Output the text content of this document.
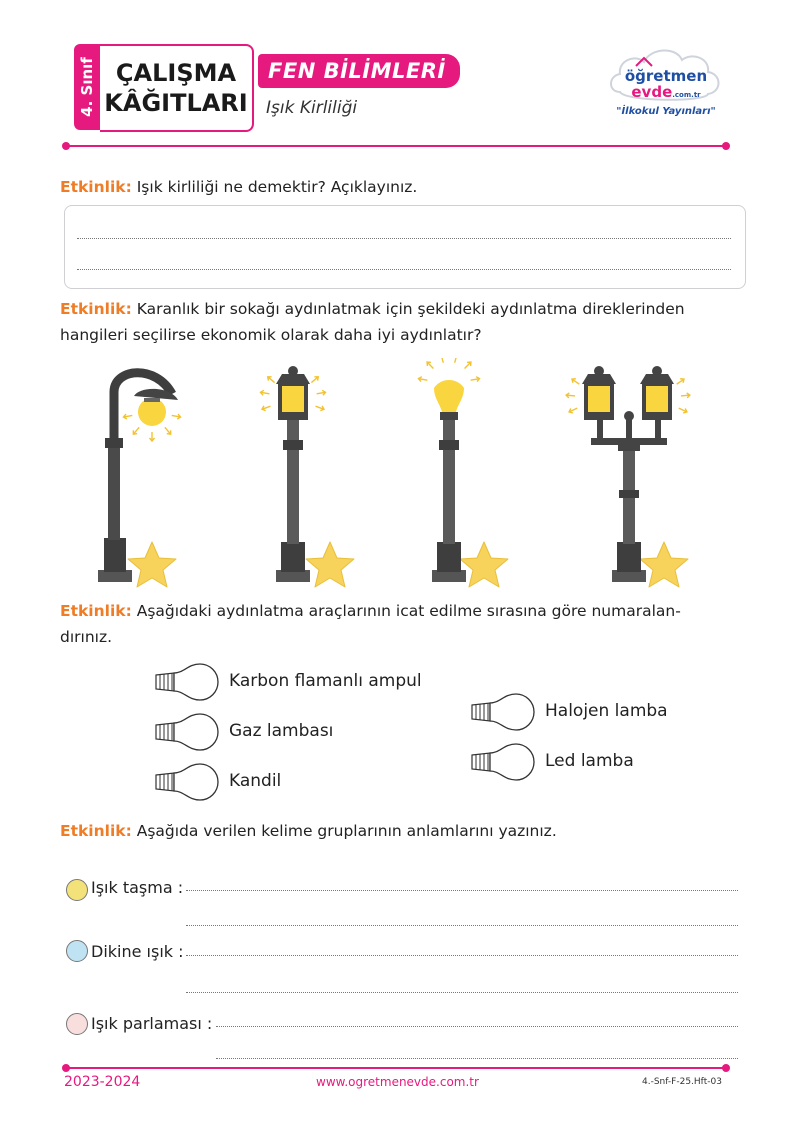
4. Sınıf ÇALIŞMA
KÂĞITLARI
FEN BİLİMLERİ
Işık Kirliliği
öğretmen
evde.com.tr
"İlkokul Yayınları"
Etkinlik: Işık kirliliği ne demektir? Açıklayınız.
Etkinlik: Karanlık bir sokağı aydınlatmak için şekildeki aydınlatma direklerinden
hangileri seçilirse ekonomik olarak daha iyi aydınlatır?
Etkinlik: Aşağıdaki aydınlatma araçlarının icat edilme sırasına göre numaralan-
dırınız.
Karbon flamanlı ampul
Gaz lambası
Kandil
Halojen lamba
Led lamba
Etkinlik: Aşağıda verilen kelime gruplarının anlamlarını yazınız.
Işık taşma :
Dikine ışık :
Işık parlaması :
2023-2024	www.ogretmenevde.com.tr	4.-Snf-F-25.Hft-03
